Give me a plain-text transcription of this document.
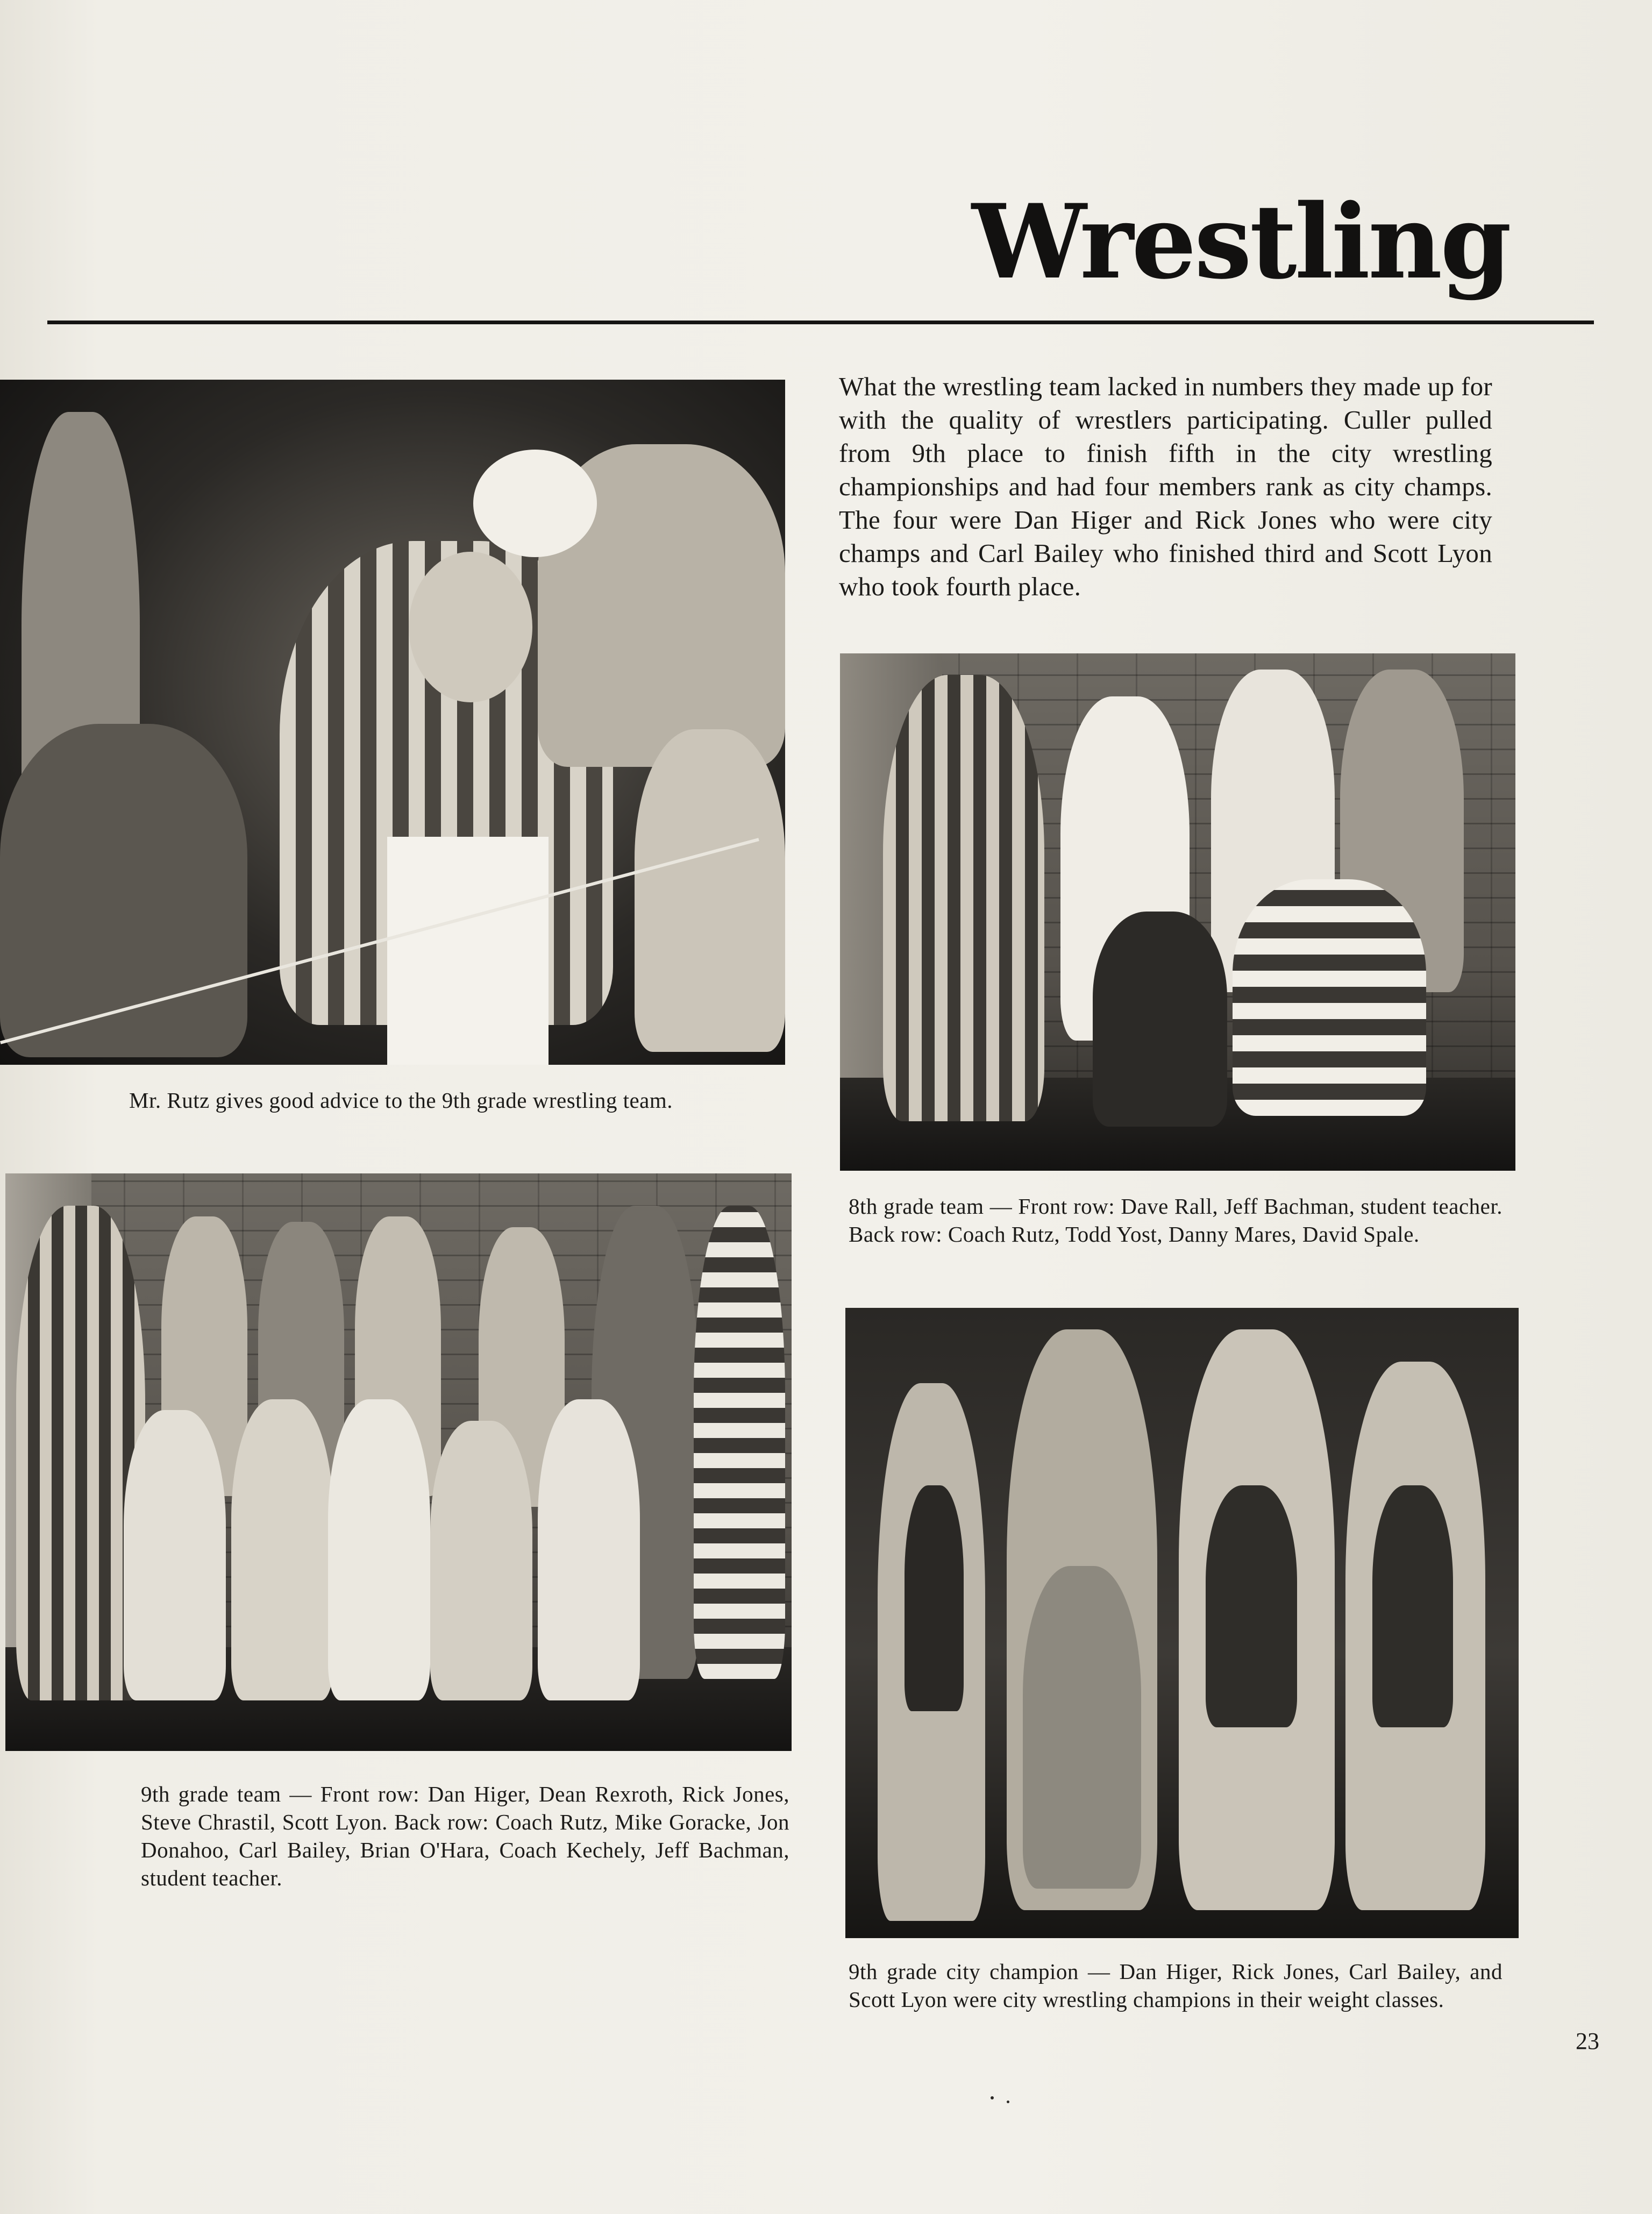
Wrestling
Mr. Rutz gives good advice to the 9th grade wrestling team.
8th grade team — Front row: Dave Rall, Jeff Bachman, student teacher. Back row: Coach Rutz, Todd Yost, Danny Mares, David Spale.
9th grade team — Front row: Dan Higer, Dean Rexroth, Rick Jones, Steve Chrastil, Scott Lyon. Back row: Coach Rutz, Mike Goracke, Jon Donahoo, Carl Bailey, Brian O'Hara, Coach Kechely, Jeff Bachman, student teacher.
9th grade city champion — Dan Higer, Rick Jones, Carl Bailey, and Scott Lyon were city wrestling champions in their weight classes.
What the wrestling team lacked in numbers they made up for with the quality of wrestlers participating. Culler pulled from 9th place to finish fifth in the city wrestling championships and had four members rank as city champs. The four were Dan Higer and Rick Jones who were city champs and Carl Bailey who finished third and Scott Lyon who took fourth place.
23
